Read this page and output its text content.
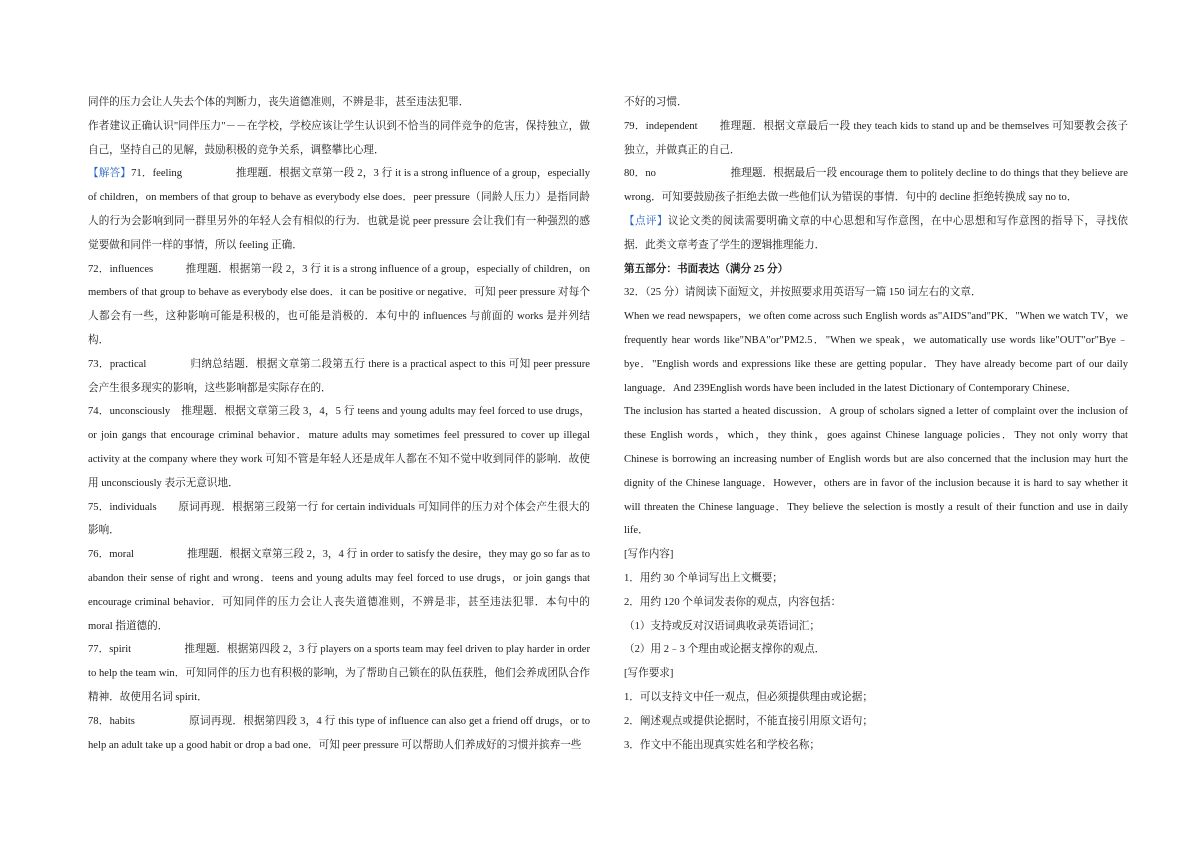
同伴的压力会让人失去个体的判断力，丧失道德准则，不辨是非，甚至违法犯罪．

作者建议正确认识"同伴压力"－－在学校，学校应该让学生认识到不恰当的同伴竞争的危害，保持独立，做自己，坚持自己的见解，鼓励积极的竞争关系，调整攀比心理．

【解答】71．feeling　　　　　推理题．根据文章第一段 2，3 行 it is a strong influence of a group，especially of children，on members of that group to behave as everybody else does．peer pressure（同龄人压力）是指同龄人的行为会影响到同一群里另外的年轻人会有相似的行为．也就是说 peer pressure 会让我们有一种强烈的感觉要做和同伴一样的事情，所以 feeling 正确．

72．influences　　　推理题．根据第一段 2，3 行 it is a strong influence of a group，especially of children，on members of that group to behave as everybody else does．it can be positive or negative．可知 peer pressure 对每个人都会有一些，这种影响可能是积极的，也可能是消极的．本句中的 influences 与前面的 works 是并列结构．

73．practical　　　　归纳总结题．根据文章第二段第五行 there is a practical aspect to this 可知 peer pressure 会产生很多现实的影响，这些影响都是实际存在的．

74．unconsciously　推理题．根据文章第三段 3，4，5 行 teens and young adults may feel forced to use drugs，or join gangs that encourage criminal behavior．mature adults may sometimes feel pressured to cover up illegal activity at the company where they work 可知不管是年轻人还是成年人都在不知不觉中收到同伴的影响．故使用 unconsciously 表示无意识地．

75．individuals　　原词再现．根据第三段第一行 for certain individuals 可知同伴的压力对个体会产生很大的影响．

76．moral　　　　　推理题．根据文章第三段 2，3，4 行 in order to satisfy the desire，they may go so far as to abandon their sense of right and wrong．teens and young adults may feel forced to use drugs，or join gangs that encourage criminal behavior．可知同伴的压力会让人丧失道德准则，不辨是非，甚至违法犯罪．本句中的 moral 指道德的．

77．spirit　　　　　推理题．根据第四段 2，3 行 players on a sports team may feel driven to play harder in order to help the team win．可知同伴的压力也有积极的影响，为了帮助自己锁在的队伍获胜，他们会养成团队合作精神．故使用名词 spirit．

78．habits　　　　　原词再现．根据第四段 3，4 行 this type of influence can also get a friend off drugs，or to help an adult take up a good habit or drop a bad one．可知 peer pressure 可以帮助人们养成好的习惯并摈弃一些

不好的习惯．

79．independent　　推理题．根据文章最后一段 they teach kids to stand up and be themselves 可知要教会孩子独立，并做真正的自己．

80．no　　　　　　　推理题．根据最后一段 encourage them to politely decline to do things that they believe are wrong．可知要鼓励孩子拒绝去做一些他们认为错误的事情．句中的 decline 拒绝转换成 say no to．

【点评】议论文类的阅读需要明确文章的中心思想和写作意图，在中心思想和写作意图的指导下，寻找依据．此类文章考查了学生的逻辑推理能力．

第五部分：书面表达（满分 25 分）

32．（25 分）请阅读下面短文，并按照要求用英语写一篇 150 词左右的文章．

When we read newspapers，we often come across such English words as"AIDS"and"PK．"When we watch TV，we frequently hear words like"NBA"or"PM2.5．"When we speak，we automatically use words like"OUT"or"Bye﹣bye．"English words and expressions like these are getting popular．They have already become part of our daily language．And 239English words have been included in the latest Dictionary of Contemporary Chinese．

The inclusion has started a heated discussion．A group of scholars signed a letter of complaint over the inclusion of these English words，which，they think，goes against Chinese language policies．They not only worry that Chinese is borrowing an increasing number of English words but are also concerned that the inclusion may hurt the dignity of the Chinese language．However，others are in favor of the inclusion because it is hard to say whether it will threaten the Chinese language．They believe the selection is mostly a result of their function and use in daily life．

[写作内容]

1．用约 30 个单词写出上文概要；

2．用约 120 个单词发表你的观点，内容包括：

（1）支持或反对汉语词典收录英语词汇；

（2）用 2﹣3 个理由或论据支撑你的观点．

[写作要求]

1．可以支持文中任一观点，但必须提供理由或论据；

2．阐述观点或提供论据时，不能直接引用原文语句；

3．作文中不能出现真实姓名和学校名称；
